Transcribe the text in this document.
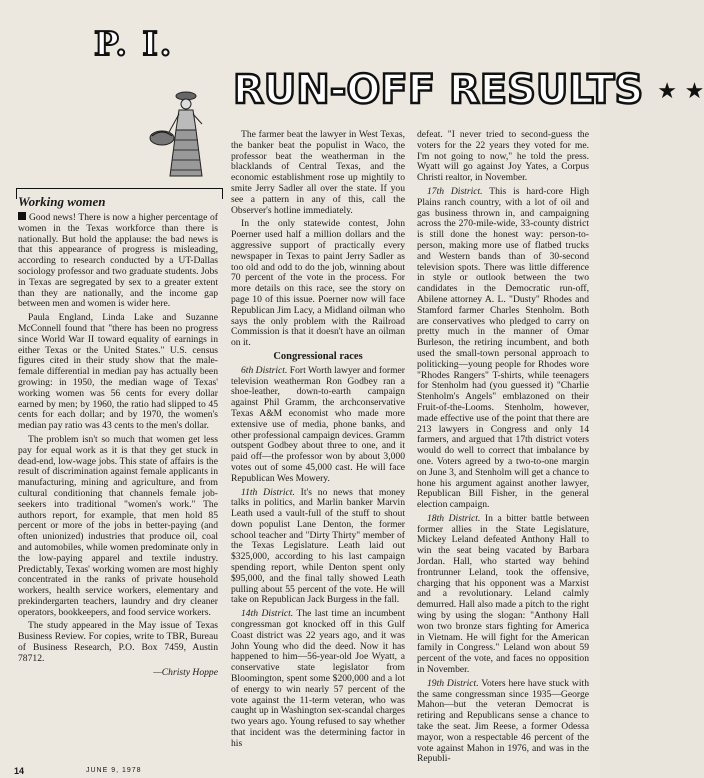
P. I.
RUN-OFF RESULTS ★ ★
Working women

Good news! There is now a higher percentage of women in the Texas workforce than there is nationally. But hold the applause: the bad news is that this appearance of progress is misleading, according to research conducted by a UT-Dallas sociology professor and two graduate students. Jobs in Texas are segregated by sex to a greater extent than they are nationally, and the income gap between men and women is wider here.

Paula England, Linda Lake and Suzanne McConnell found that "there has been no progress since World War II toward equality of earnings in either Texas or the United States." U.S. census figures cited in their study show that the male-female differential in median pay has actually been growing: in 1950, the median wage of Texas' working women was 56 cents for every dollar earned by men; by 1960, the ratio had slipped to 45 cents for each dollar; and by 1970, the women's median pay ratio was 43 cents to the men's dollar.

The problem isn't so much that women get less pay for equal work as it is that they get stuck in dead-end, low-wage jobs. This state of affairs is the result of discrimination against female applicants in manufacturing, mining and agriculture, and from cultural conditioning that channels female job-seekers into traditional "women's work." The authors report, for example, that men hold 85 percent or more of the jobs in better-paying (and often unionized) industries that produce oil, coal and automobiles, while women predominate only in the low-paying apparel and textile industry. Predictably, Texas' working women are most highly concentrated in the ranks of private household workers, health service workers, elementary and prekindergarten teachers, laundry and dry cleaner operators, bookkeepers, and food service workers.

The study appeared in the May issue of Texas Business Review. For copies, write to TBR, Bureau of Business Research, P.O. Box 7459, Austin 78712.

—Christy Hoppe

The farmer beat the lawyer in West Texas, the banker beat the populist in Waco, the professor beat the weatherman in the blacklands of Central Texas, and the economic establishment rose up mightily to smite Jerry Sadler all over the state. If you see a pattern in any of this, call the Observer's hotline immediately.

In the only statewide contest, John Poerner used half a million dollars and the aggressive support of practically every newspaper in Texas to paint Jerry Sadler as too old and odd to do the job, winning about 70 percent of the vote in the process. For more details on this race, see the story on page 10 of this issue. Poerner now will face Republican Jim Lacy, a Midland oilman who says the only problem with the Railroad Commission is that it doesn't have an oilman on it.

Congressional races

6th District. Fort Worth lawyer and former television weatherman Ron Godbey ran a shoe-leather, down-to-earth campaign against Phil Gramm, the archconservative Texas A&M economist who made more extensive use of media, phone banks, and other professional campaign devices. Gramm outspent Godbey about three to one, and it paid off—the professor won by about 3,000 votes out of some 45,000 cast. He will face Republican Wes Mowery.

11th District. It's no news that money talks in politics, and Marlin banker Marvin Leath used a vault-full of the stuff to shout down populist Lane Denton, the former school teacher and "Dirty Thirty" member of the Texas Legislature. Leath laid out $325,000, according to his last campaign spending report, while Denton spent only $95,000, and the final tally showed Leath pulling about 55 percent of the vote. He will take on Republican Jack Burgess in the fall.

14th District. The last time an incumbent congressman got knocked off in this Gulf Coast district was 22 years ago, and it was John Young who did the deed. Now it has happened to him—56-year-old Joe Wyatt, a conservative state legislator from Bloomington, spent some $200,000 and a lot of energy to win nearly 57 percent of the vote against the 11-term veteran, who was caught up in Washington sex-scandal charges two years ago. Young refused to say whether that incident was the determining factor in his

defeat. "I never tried to second-guess the voters for the 22 years they voted for me. I'm not going to now," he told the press. Wyatt will go against Joy Yates, a Corpus Christi realtor, in November.

17th District. This is hard-core High Plains ranch country, with a lot of oil and gas business thrown in, and campaigning across the 270-mile-wide, 33-county district is still done the honest way: person-to-person, making more use of flatbed trucks and Western bands than of 30-second television spots. There was little difference in style or outlook between the two candidates in the Democratic run-off, Abilene attorney A. L. "Dusty" Rhodes and Stamford farmer Charles Stenholm. Both are conservatives who pledged to carry on pretty much in the manner of Omar Burleson, the retiring incumbent, and both used the small-town personal approach to politicking—young people for Rhodes wore "Rhodes Rangers" T-shirts, while teenagers for Stenholm had (you guessed it) "Charlie Stenholm's Angels" emblazoned on their Fruit-of-the-Looms. Stenholm, however, made effective use of the point that there are 213 lawyers in Congress and only 14 farmers, and argued that 17th district voters would do well to correct that imbalance by one. Voters agreed by a two-to-one margin on June 3, and Stenholm will get a chance to hone his argument against another lawyer, Republican Bill Fisher, in the general election campaign.

18th District. In a bitter battle between former allies in the State Legislature, Mickey Leland defeated Anthony Hall to win the seat being vacated by Barbara Jordan. Hall, who started way behind frontrunner Leland, took the offensive, charging that his opponent was a Marxist and a revolutionary. Leland calmly demurred. Hall also made a pitch to the right wing by using the slogan: "Anthony Hall won two bronze stars fighting for America in Vietnam. He will fight for the American family in Congress." Leland won about 59 percent of the vote, and faces no opposition in November.

19th District. Voters here have stuck with the same congressman since 1935—George Mahon—but the veteran Democrat is retiring and Republicans sense a chance to take the seat. Jim Reese, a former Odessa mayor, won a respectable 46 percent of the vote against Mahon in 1976, and was in the Republi-

14	JUNE 9, 1978
